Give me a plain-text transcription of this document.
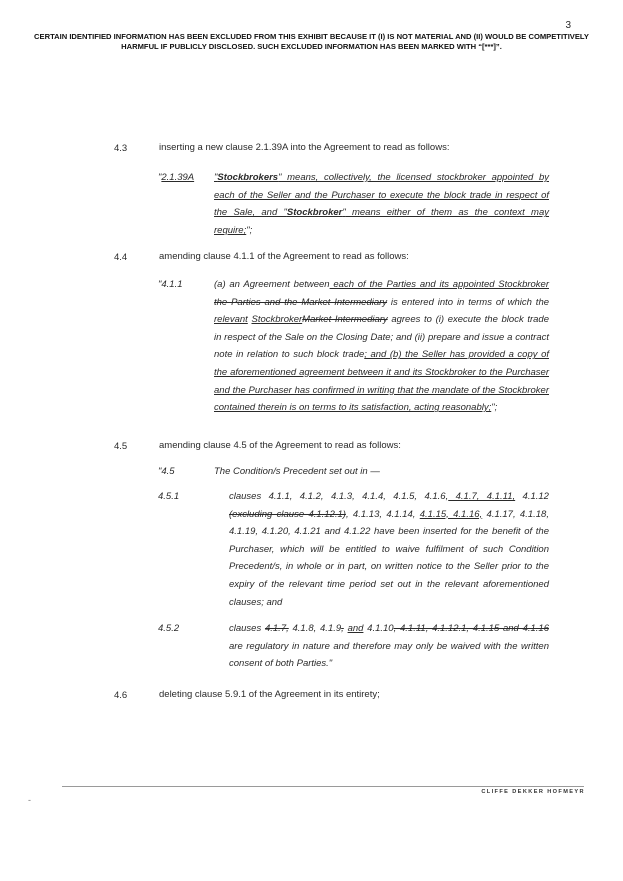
3
CERTAIN IDENTIFIED INFORMATION HAS BEEN EXCLUDED FROM THIS EXHIBIT BECAUSE IT (I) IS NOT MATERIAL AND (II) WOULD BE COMPETITIVELY HARMFUL IF PUBLICLY DISCLOSED. SUCH EXCLUDED INFORMATION HAS BEEN MARKED WITH “[***]”.
4.3	inserting a new clause 2.1.39A into the Agreement to read as follows:
"2.1.39A	"Stockbrokers" means, collectively, the licensed stockbroker appointed by each of the Seller and the Purchaser to execute the block trade in respect of the Sale, and "Stockbroker" means either of them as the context may require;";
4.4	amending clause 4.1.1 of the Agreement to read as follows:
"4.1.1	(a) an Agreement between each of the Parties and its appointed Stockbroker the Parties and the Market Intermediary is entered into in terms of which the relevant StockbrokerMarket Intermediary agrees to (i) execute the block trade in respect of the Sale on the Closing Date; and (ii) prepare and issue a contract note in relation to such block trade; and (b) the Seller has provided a copy of the aforementioned agreement between it and its Stockbroker to the Purchaser and the Purchaser has confirmed in writing that the mandate of the Stockbroker contained therein is on terms to its satisfaction, acting reasonably;";
4.5	amending clause 4.5 of the Agreement to read as follows:
"4.5	The Condition/s Precedent set out in —
4.5.1	clauses 4.1.1, 4.1.2, 4.1.3, 4.1.4, 4.1.5, 4.1.6, 4.1.7, 4.1.11, 4.1.12 (excluding clause 4.1.12.1), 4.1.13, 4.1.14, 4.1.15, 4.1.16, 4.1.17, 4.1.18, 4.1.19, 4.1.20, 4.1.21 and 4.1.22 have been inserted for the benefit of the Purchaser, which will be entitled to waive fulfilment of such Condition Precedent/s, in whole or in part, on written notice to the Seller prior to the expiry of the relevant time period set out in the relevant aforementioned clauses; and
4.5.2	clauses 4.1.7, 4.1.8, 4.1.9, and 4.1.10, 4.1.11, 4.1.12.1, 4.1.15 and 4.1.16 are regulatory in nature and therefore may only be waived with the written consent of both Parties."
4.6	deleting clause 5.9.1 of the Agreement in its entirety;
CLIFFE DEKKER HOFMEYR
-
